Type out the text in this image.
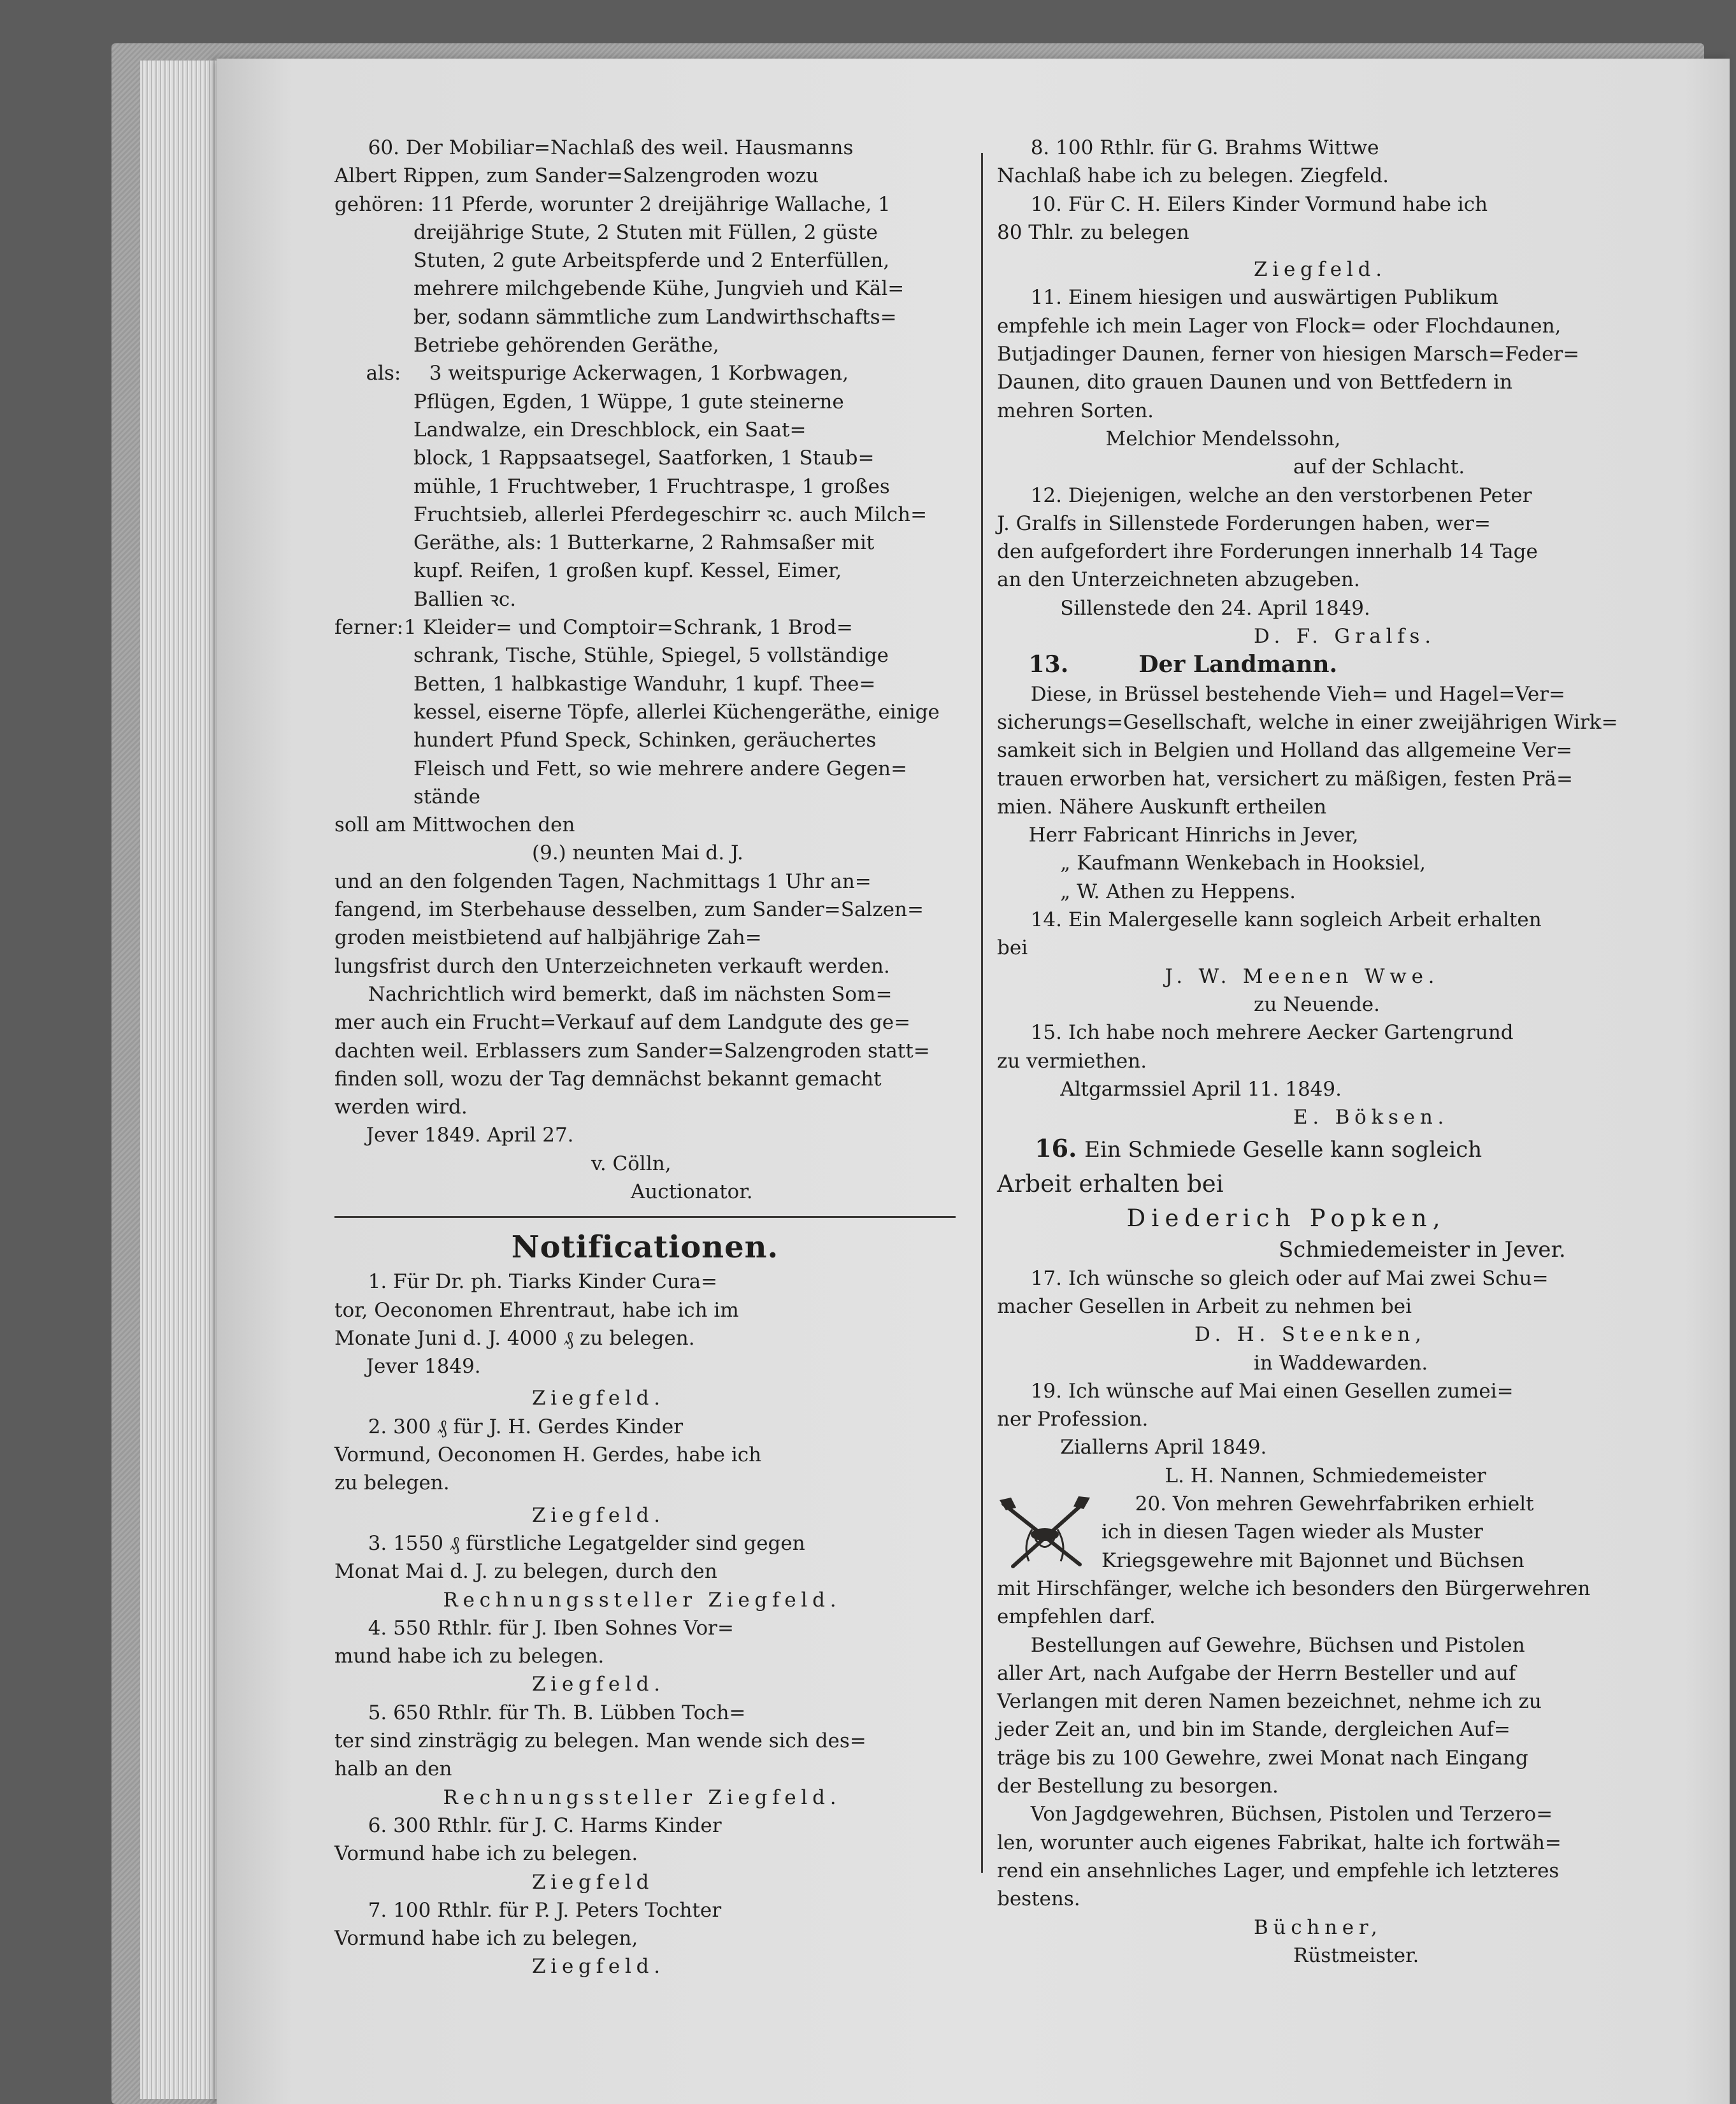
60. Der Mobiliar=Nachlaß des weil. Hausmanns

Albert Rippen, zum Sander=Salzengroden wozu

gehören: 11 Pferde, worunter 2 dreijährige Wallache, 1

dreijährige Stute, 2 Stuten mit Füllen, 2 güste

Stuten, 2 gute Arbeitspferde und 2 Enterfüllen,

mehrere milchgebende Kühe, Jungvieh und Käl=

ber, sodann sämmtliche zum Landwirthschafts=

Betriebe gehörenden Geräthe,

als: 3 weitspurige Ackerwagen, 1 Korbwagen,

Pflügen, Egden, 1 Wüppe, 1 gute steinerne

Landwalze, ein Dreschblock, ein Saat=

block, 1 Rappsaatsegel, Saatforken, 1 Staub=

mühle, 1 Fruchtweber, 1 Fruchtraspe, 1 großes

Fruchtsieb, allerlei Pferdegeschirr ꝛc. auch Milch=

Geräthe, als: 1 Butterkarne, 2 Rahmsaßer mit

kupf. Reifen, 1 großen kupf. Kessel, Eimer,

Ballien ꝛc.

ferner: 1 Kleider= und Comptoir=Schrank, 1 Brod=

schrank, Tische, Stühle, Spiegel, 5 vollständige

Betten, 1 halbkastige Wanduhr, 1 kupf. Thee=

kessel, eiserne Töpfe, allerlei Küchengeräthe, einige

hundert Pfund Speck, Schinken, geräuchertes

Fleisch und Fett, so wie mehrere andere Gegen=

stände

soll am Mittwochen den

(9.) neunten Mai d. J.

und an den folgenden Tagen, Nachmittags 1 Uhr an=

fangend, im Sterbehause desselben, zum Sander=Salzen=

groden meistbietend auf halbjährige Zah=

lungsfrist durch den Unterzeichneten verkauft werden.

Nachrichtlich wird bemerkt, daß im nächsten Som=

mer auch ein Frucht=Verkauf auf dem Landgute des ge=

dachten weil. Erblassers zum Sander=Salzengroden statt=

finden soll, wozu der Tag demnächst bekannt gemacht

werden wird.

Jever 1849. April 27.

v. Cölln,

Auctionator.

Notificationen.

1. Für Dr. ph. Tiarks Kinder Cura=

tor, Oeconomen Ehrentraut, habe ich im

Monate Juni d. J. 4000 ₰ zu belegen.

Jever 1849.

Ziegfeld.

2. 300 ₰ für J. H. Gerdes Kinder

Vormund, Oeconomen H. Gerdes, habe ich

zu belegen.

Ziegfeld.

3. 1550 ₰ fürstliche Legatgelder sind gegen

Monat Mai d. J. zu belegen, durch den

Rechnungssteller Ziegfeld.

4. 550 Rthlr. für J. Iben Sohnes Vor=

mund habe ich zu belegen.

Ziegfeld.

5. 650 Rthlr. für Th. B. Lübben Toch=

ter sind zinsträgig zu belegen. Man wende sich des=

halb an den

Rechnungssteller Ziegfeld.

6. 300 Rthlr. für J. C. Harms Kinder

Vormund habe ich zu belegen.

Ziegfeld

7. 100 Rthlr. für P. J. Peters Tochter

Vormund habe ich zu belegen,

Ziegfeld.

8. 100 Rthlr. für G. Brahms Wittwe

Nachlaß habe ich zu belegen. Ziegfeld.

10. Für C. H. Eilers Kinder Vormund habe ich

80 Thlr. zu belegen

Ziegfeld.

11. Einem hiesigen und auswärtigen Publikum

empfehle ich mein Lager von Flock= oder Flochdaunen,

Butjadinger Daunen, ferner von hiesigen Marsch=Feder=

Daunen, dito grauen Daunen und von Bettfedern in

mehren Sorten.

Melchior Mendelssohn,

auf der Schlacht.

12. Diejenigen, welche an den verstorbenen Peter

J. Gralfs in Sillenstede Forderungen haben, wer=

den aufgefordert ihre Forderungen innerhalb 14 Tage

an den Unterzeichneten abzugeben.

Sillenstede den 24. April 1849.

D. F. Gralfs.

13.	Der Landmann.

Diese, in Brüssel bestehende Vieh= und Hagel=Ver=

sicherungs=Gesellschaft, welche in einer zweijährigen Wirk=

samkeit sich in Belgien und Holland das allgemeine Ver=

trauen erworben hat, versichert zu mäßigen, festen Prä=

mien. Nähere Auskunft ertheilen

Herr Fabricant Hinrichs in Jever,

„ Kaufmann Wenkebach in Hooksiel,

„ W. Athen zu Heppens.

14. Ein Malergeselle kann sogleich Arbeit erhalten

bei

J. W. Meenen Wwe.

zu Neuende.

15. Ich habe noch mehrere Aecker Gartengrund

zu vermiethen.

Altgarmssiel April 11. 1849.

E. Böksen.

16. Ein Schmiede Geselle kann sogleich

Arbeit erhalten bei

Diederich Popken,

Schmiedemeister in Jever.

17. Ich wünsche so gleich oder auf Mai zwei Schu=

macher Gesellen in Arbeit zu nehmen bei

D. H. Steenken,

in Waddewarden.

19. Ich wünsche auf Mai einen Gesellen zumei=

ner Profession.

Ziallerns April 1849.

L. H. Nannen, Schmiedemeister

20. Von mehren Gewehrfabriken erhielt

ich in diesen Tagen wieder als Muster

Kriegsgewehre mit Bajonnet und Büchsen

mit Hirschfänger, welche ich besonders den Bürgerwehren

empfehlen darf.

Bestellungen auf Gewehre, Büchsen und Pistolen

aller Art, nach Aufgabe der Herrn Besteller und auf

Verlangen mit deren Namen bezeichnet, nehme ich zu

jeder Zeit an, und bin im Stande, dergleichen Auf=

träge bis zu 100 Gewehre, zwei Monat nach Eingang

der Bestellung zu besorgen.

Von Jagdgewehren, Büchsen, Pistolen und Terzero=

len, worunter auch eigenes Fabrikat, halte ich fortwäh=

rend ein ansehnliches Lager, und empfehle ich letzteres

bestens.

Büchner,

Rüstmeister.
